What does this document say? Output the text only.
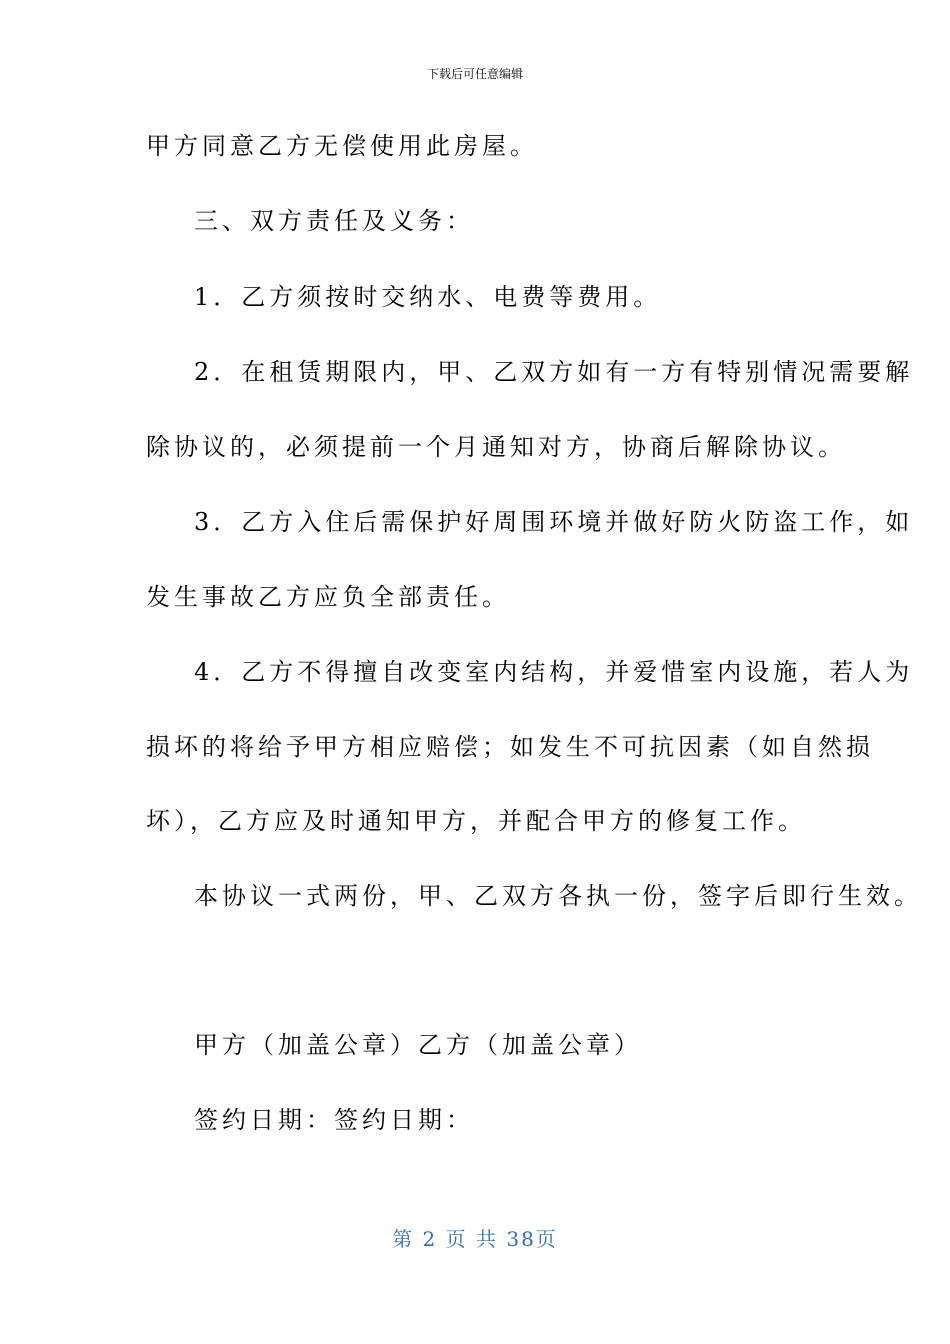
下载后可任意编辑
甲方同意乙方无偿使用此房屋。
三、双方责任及义务：
1．乙方须按时交纳水、电费等费用。
2．在租赁期限内，甲、乙双方如有一方有特别情况需要解
除协议的，必须提前一个月通知对方，协商后解除协议。
3．乙方入住后需保护好周围环境并做好防火防盗工作，如
发生事故乙方应负全部责任。
4．乙方不得擅自改变室内结构，并爱惜室内设施，若人为
损坏的将给予甲方相应赔偿；如发生不可抗因素（如自然损
坏），乙方应及时通知甲方，并配合甲方的修复工作。
本协议一式两份，甲、乙双方各执一份，签字后即行生效。
甲方（加盖公章）乙方（加盖公章）
签约日期：签约日期：
第 2 页 共 38页
